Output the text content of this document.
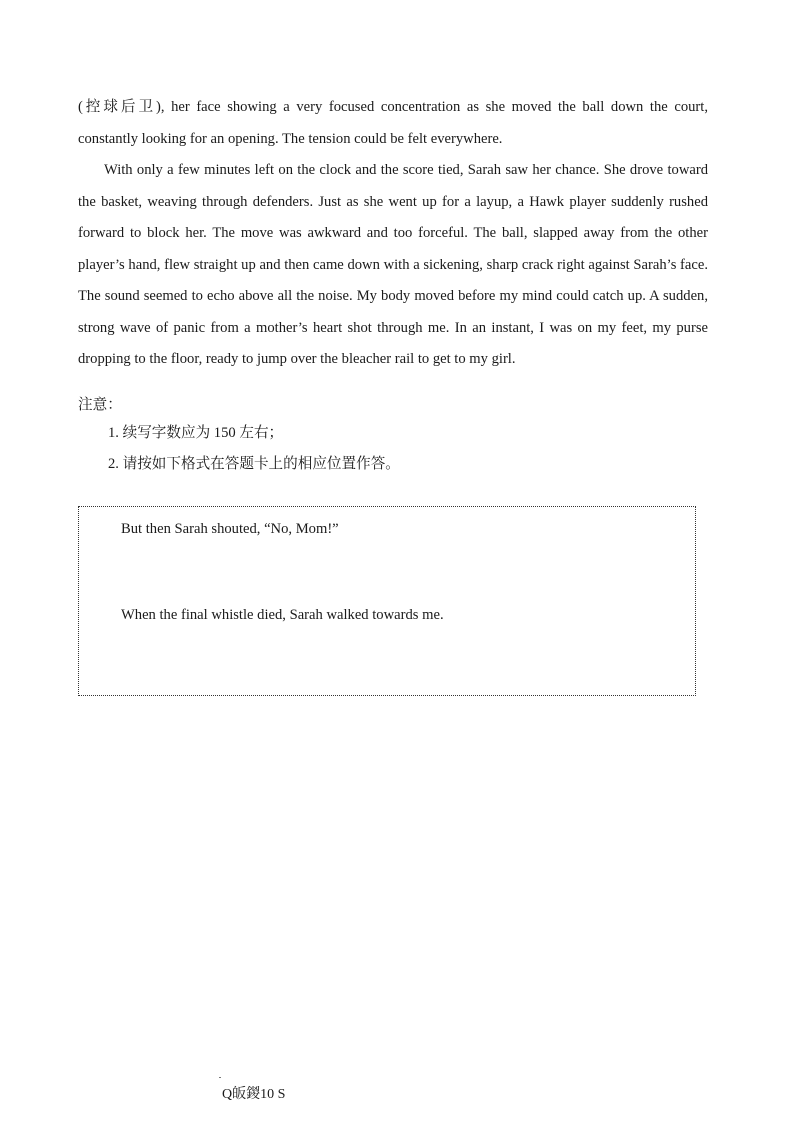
(控球后卫), her face showing a very focused concentration as she moved the ball down the court, constantly looking for an opening. The tension could be felt everywhere.

With only a few minutes left on the clock and the score tied, Sarah saw her chance. She drove toward the basket, weaving through defenders. Just as she went up for a layup, a Hawk player suddenly rushed forward to block her. The move was awkward and too forceful. The ball, slapped away from the other player’s hand, flew straight up and then came down with a sickening, sharp crack right against Sarah’s face. The sound seemed to echo above all the noise. My body moved before my mind could catch up. A sudden, strong wave of panic from a mother’s heart shot through me. In an instant, I was on my feet, my purse dropping to the floor, ready to jump over the bleacher rail to get to my girl.

注意：

1. 续写字数应为 150 左右；
2. 请按如下格式在答题卡上的相应位置作答。

But then Sarah shouted, “No, Mom!”

When the final whistle died, Sarah walked towards me.

Q皈鍐10 S
